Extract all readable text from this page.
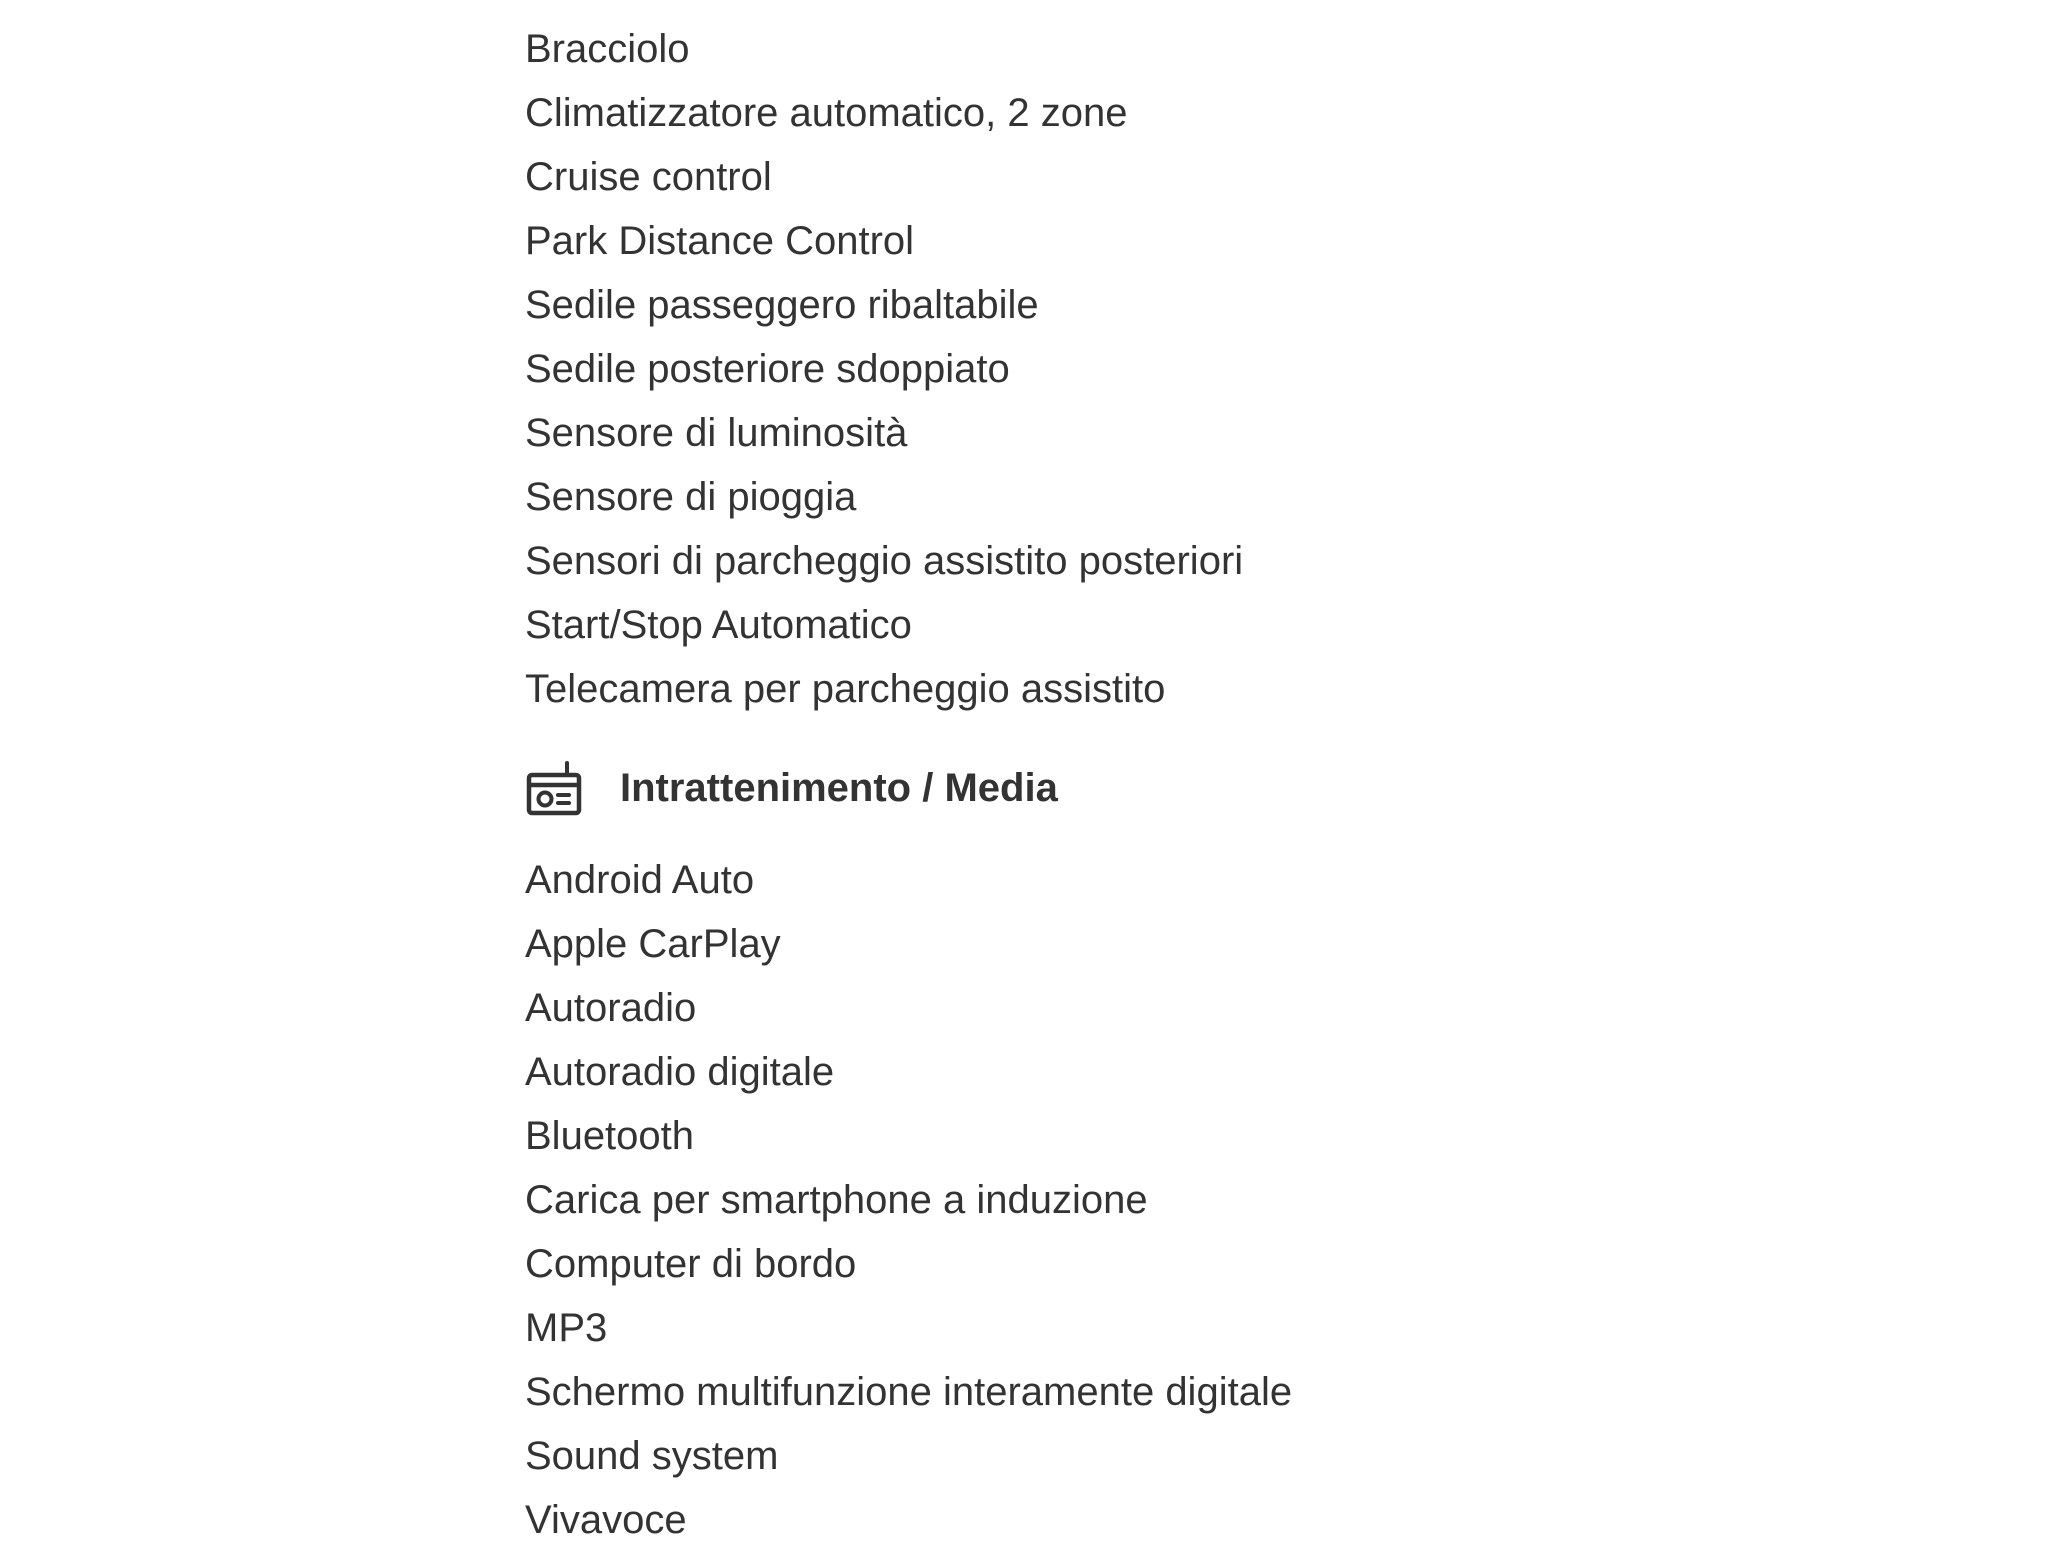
Bracciolo
Climatizzatore automatico, 2 zone
Cruise control
Park Distance Control
Sedile passeggero ribaltabile
Sedile posteriore sdoppiato
Sensore di luminosità
Sensore di pioggia
Sensori di parcheggio assistito posteriori
Start/Stop Automatico
Telecamera per parcheggio assistito
Intrattenimento / Media
Android Auto
Apple CarPlay
Autoradio
Autoradio digitale
Bluetooth
Carica per smartphone a induzione
Computer di bordo
MP3
Schermo multifunzione interamente digitale
Sound system
Vivavoce
